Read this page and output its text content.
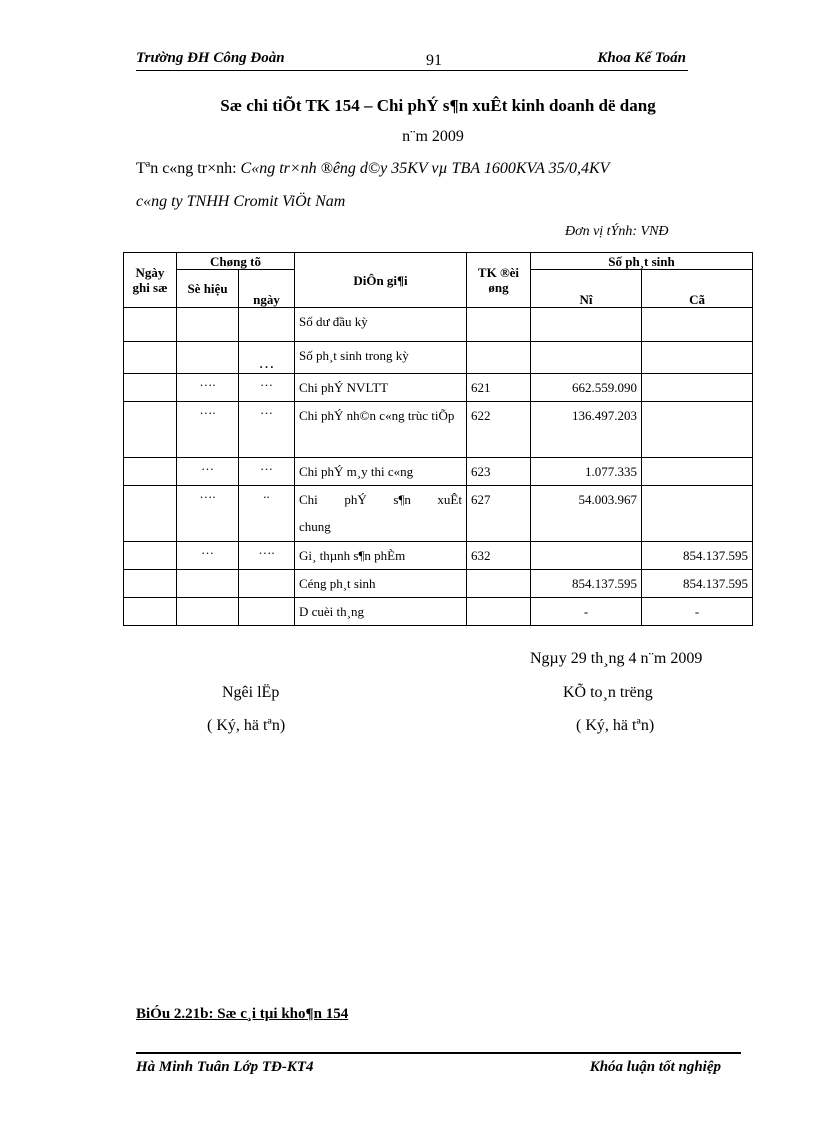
Trường ĐH Công Đoàn	91	Khoa Kế Toán
Sæ chi tiÕt TK 154 – Chi phÝ s¶n xuÊt kinh doanh dë dang
n¨m 2009
Tªn c«ng tr×nh: C«ng tr×nh ®êng d©y 35KV vµ TBA 1600KVA 35/0,4KV
c«ng ty TNHH Cromit ViÖt Nam
Đơn vị tÝnh: VNĐ
Ngày ghi sæ	Chøng tõ		DiÔn gi¶i	TK ®èi øng	Số ph¸t sinh	
	Sè hiệu	ngày			Nî	Cã
			Số dư đầu kỳ			
		…	Số ph¸t sinh trong kỳ			
	….	…	Chi phÝ NVLTT	621	662.559.090	
	….	…	Chi phÝ nh©n c«ng trùc tiÕp	622	136.497.203	
	…	…	Chi phÝ m¸y thi c«ng	623	1.077.335	
	….	..	Chi phÝ s¶n xuÊt chung	627	54.003.967	
	…	….	Gi¸ thµnh s¶n phÈm	632		854.137.595
			Céng ph¸t sinh		854.137.595	854.137.595
			D cuèi th¸ng		-	-
Ngµy 29 th¸ng 4 n¨m 2009
Ngêi lËp
( Ký, hä tªn)
KÕ to¸n trëng
( Ký, hä tªn)
BiÓu 2.21b: Sæ c¸i tµi kho¶n 154
Hà Minh Tuân Lớp TĐ-KT4	Khóa luận tốt nghiệp
